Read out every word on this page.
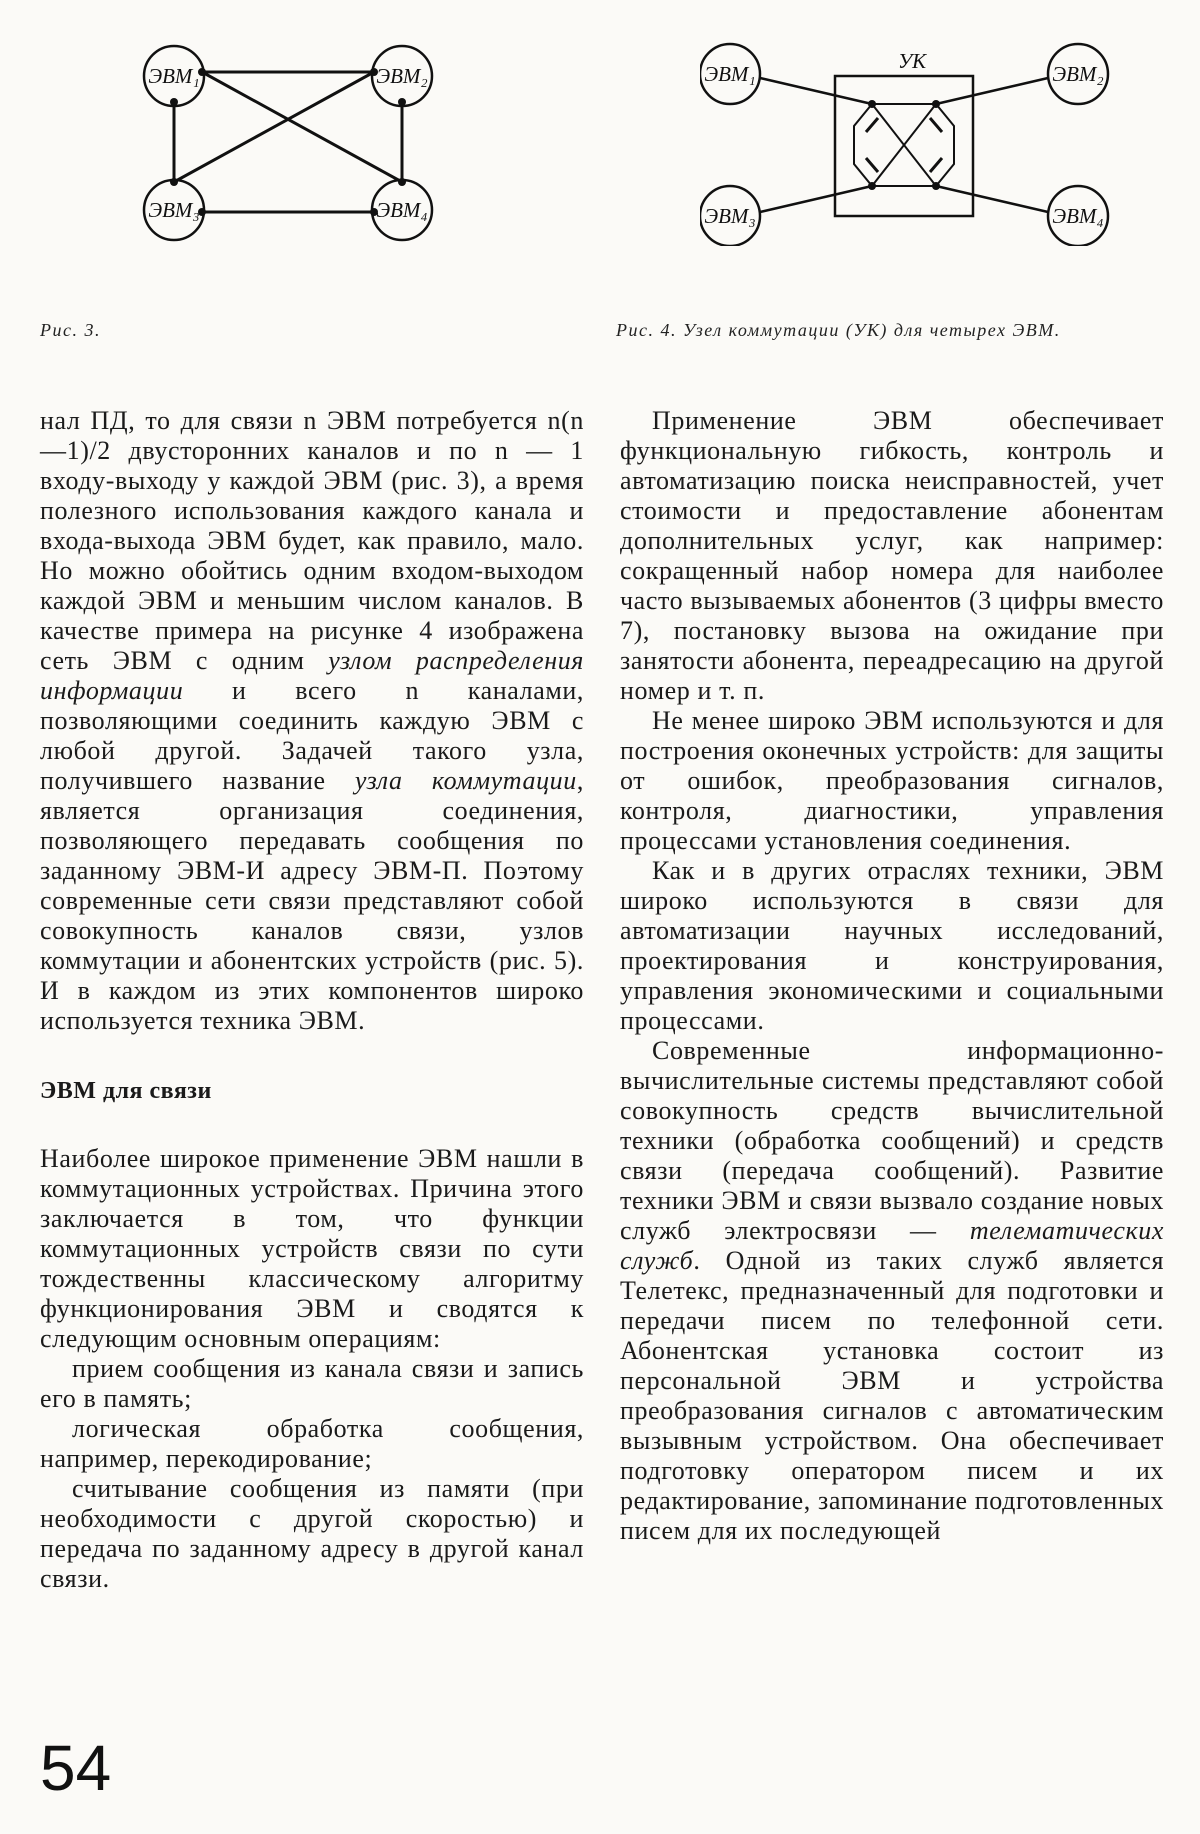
ЭВМ₁	ЭВМ₂
ЭВМ₃	ЭВМ₄
УК
ЭВМ₁	ЭВМ₂
ЭВМ₃	ЭВМ₄
Рис. 3.	Рис. 4. Узел коммутации (УК) для четырех ЭВМ.

нал ПД, то для связи n ЭВМ потребуется n(n—1)/2 двусторонних каналов и по n — 1 входу-выходу у каждой ЭВМ (рис. 3), а время полезного использования каждого канала и входа-выхода ЭВМ будет, как правило, мало. Но можно обойтись одним входом-выходом каждой ЭВМ и меньшим числом каналов. В качестве примера на рисунке 4 изображена сеть ЭВМ с одним узлом распределения информации и всего n каналами, позволяющими соединить каждую ЭВМ с любой другой. Задачей такого узла, получившего название узла коммутации, является организация соединения, позволяющего передавать сообщения по заданному ЭВМ-И адресу ЭВМ-П. Поэтому современные сети связи представляют собой совокупность каналов связи, узлов коммутации и абонентских устройств (рис. 5). И в каждом из этих компонентов широко используется техника ЭВМ.

ЭВМ для связи

Наиболее широкое применение ЭВМ нашли в коммутационных устройствах. Причина этого заключается в том, что функции коммутационных устройств связи по сути тождественны классическому алгоритму функционирования ЭВМ и сводятся к следующим основным операциям:

прием сообщения из канала связи и запись его в память;

логическая обработка сообщения, например, перекодирование;

считывание сообщения из памяти (при необходимости с другой скоростью) и передача по заданному адресу в другой канал связи.

Применение ЭВМ обеспечивает функциональную гибкость, контроль и автоматизацию поиска неисправностей, учет стоимости и предоставление абонентам дополнительных услуг, как например: сокращенный набор номера для наиболее часто вызываемых абонентов (3 цифры вместо 7), постановку вызова на ожидание при занятости абонента, переадресацию на другой номер и т. п.

Не менее широко ЭВМ используются и для построения оконечных устройств: для защиты от ошибок, преобразования сигналов, контроля, диагностики, управления процессами установления соединения.

Как и в других отраслях техники, ЭВМ широко используются в связи для автоматизации научных исследований, проектирования и конструирования, управления экономическими и социальными процессами.

Современные информационно-вычислительные системы представляют собой совокупность средств вычислительной техники (обработка сообщений) и средств связи (передача сообщений). Развитие техники ЭВМ и связи вызвало создание новых служб электросвязи — телематических служб. Одной из таких служб является Телетекс, предназначенный для подготовки и передачи писем по телефонной сети. Абонентская установка состоит из персональной ЭВМ и устройства преобразования сигналов с автоматическим вызывным устройством. Она обеспечивает подготовку оператором писем и их редактирование, запоминание подготовленных писем для их последующей

54
